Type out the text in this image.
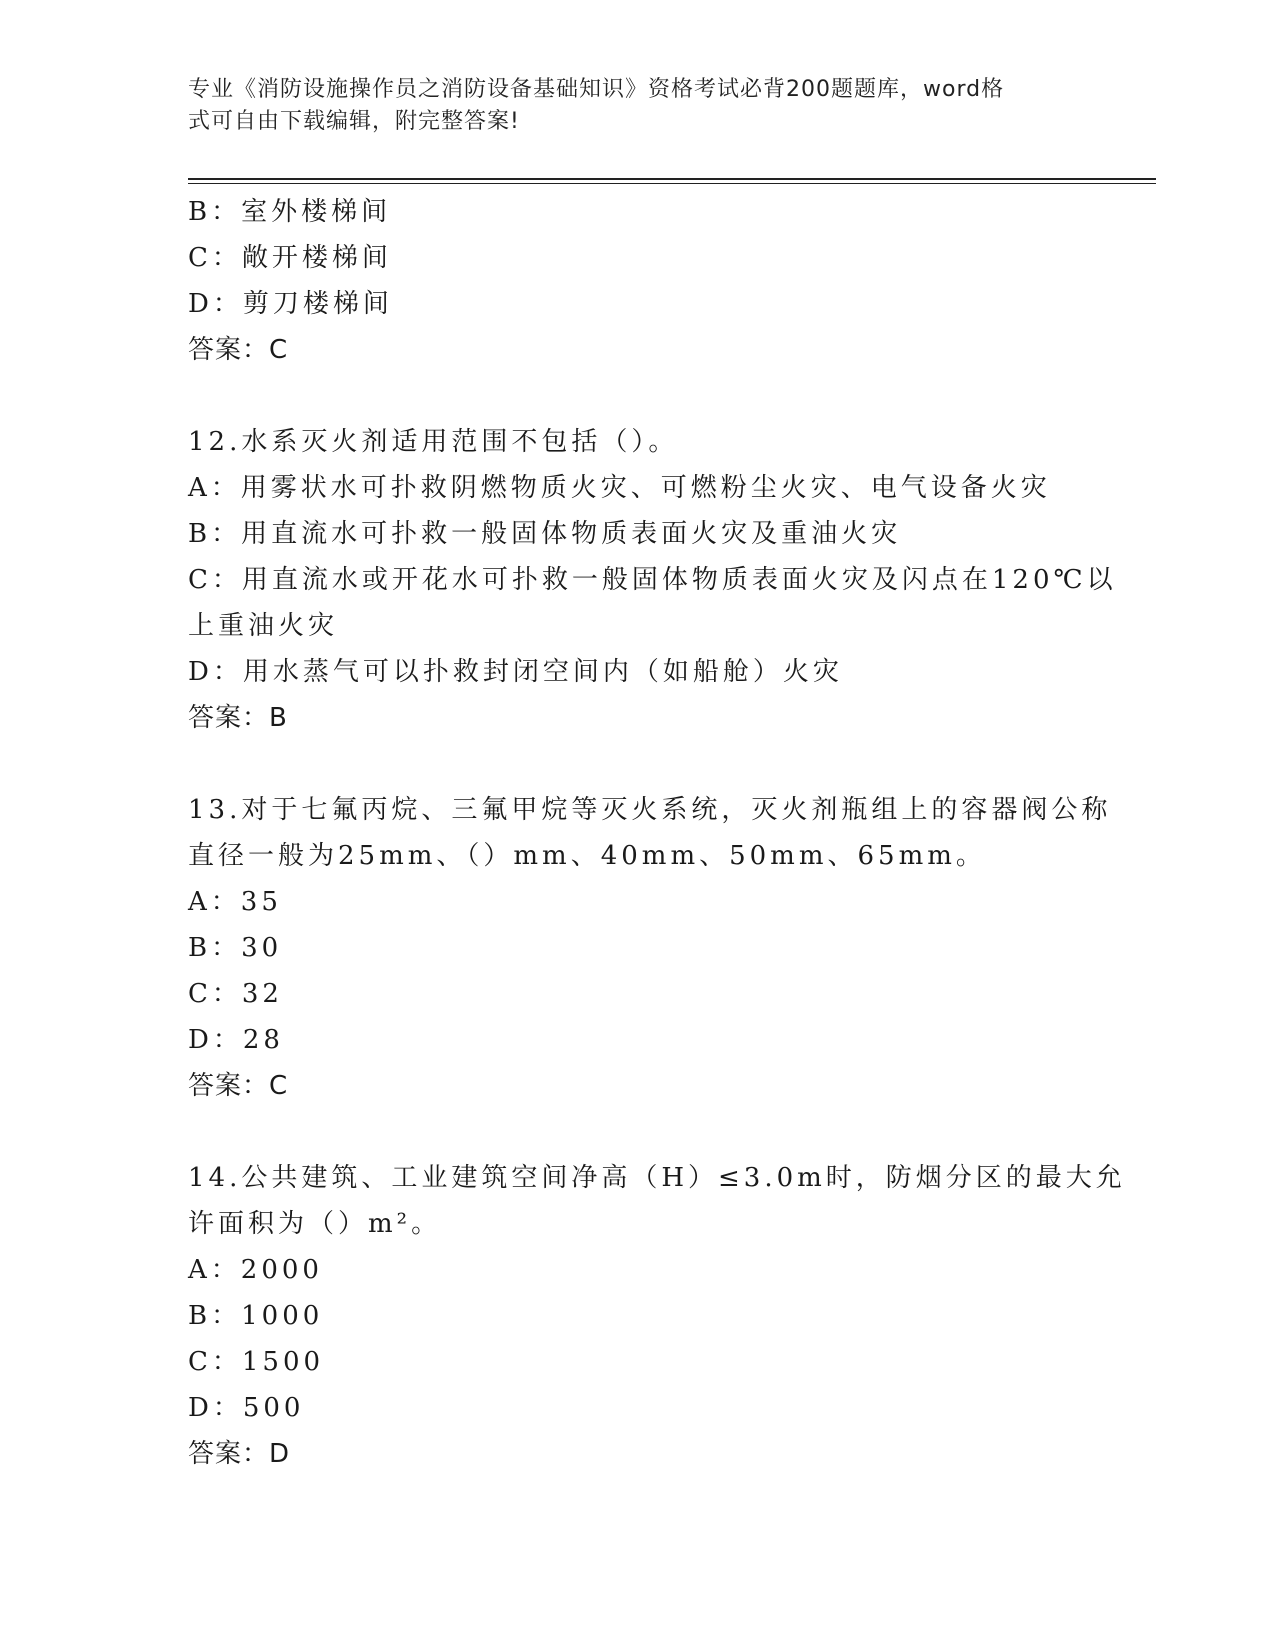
专业《消防设施操作员之消防设备基础知识》资格考试必背200题题库，word格
式可自由下载编辑，附完整答案!
B：室外楼梯间
C：敞开楼梯间
D：剪刀楼梯间
答案：C
12.水系灭火剂适用范围不包括（）。
A：用雾状水可扑救阴燃物质火灾、可燃粉尘火灾、电气设备火灾
B：用直流水可扑救一般固体物质表面火灾及重油火灾
C：用直流水或开花水可扑救一般固体物质表面火灾及闪点在120℃以
上重油火灾
D：用水蒸气可以扑救封闭空间内（如船舱）火灾
答案：B
13.对于七氟丙烷、三氟甲烷等灭火系统，灭火剂瓶组上的容器阀公称
直径一般为25mm、（）mm、40mm、50mm、65mm。
A：35
B：30
C：32
D：28
答案：C
14.公共建筑、工业建筑空间净高（H）≤3.0m时，防烟分区的最大允
许面积为（）m²。
A：2000
B：1000
C：1500
D：500
答案：D
